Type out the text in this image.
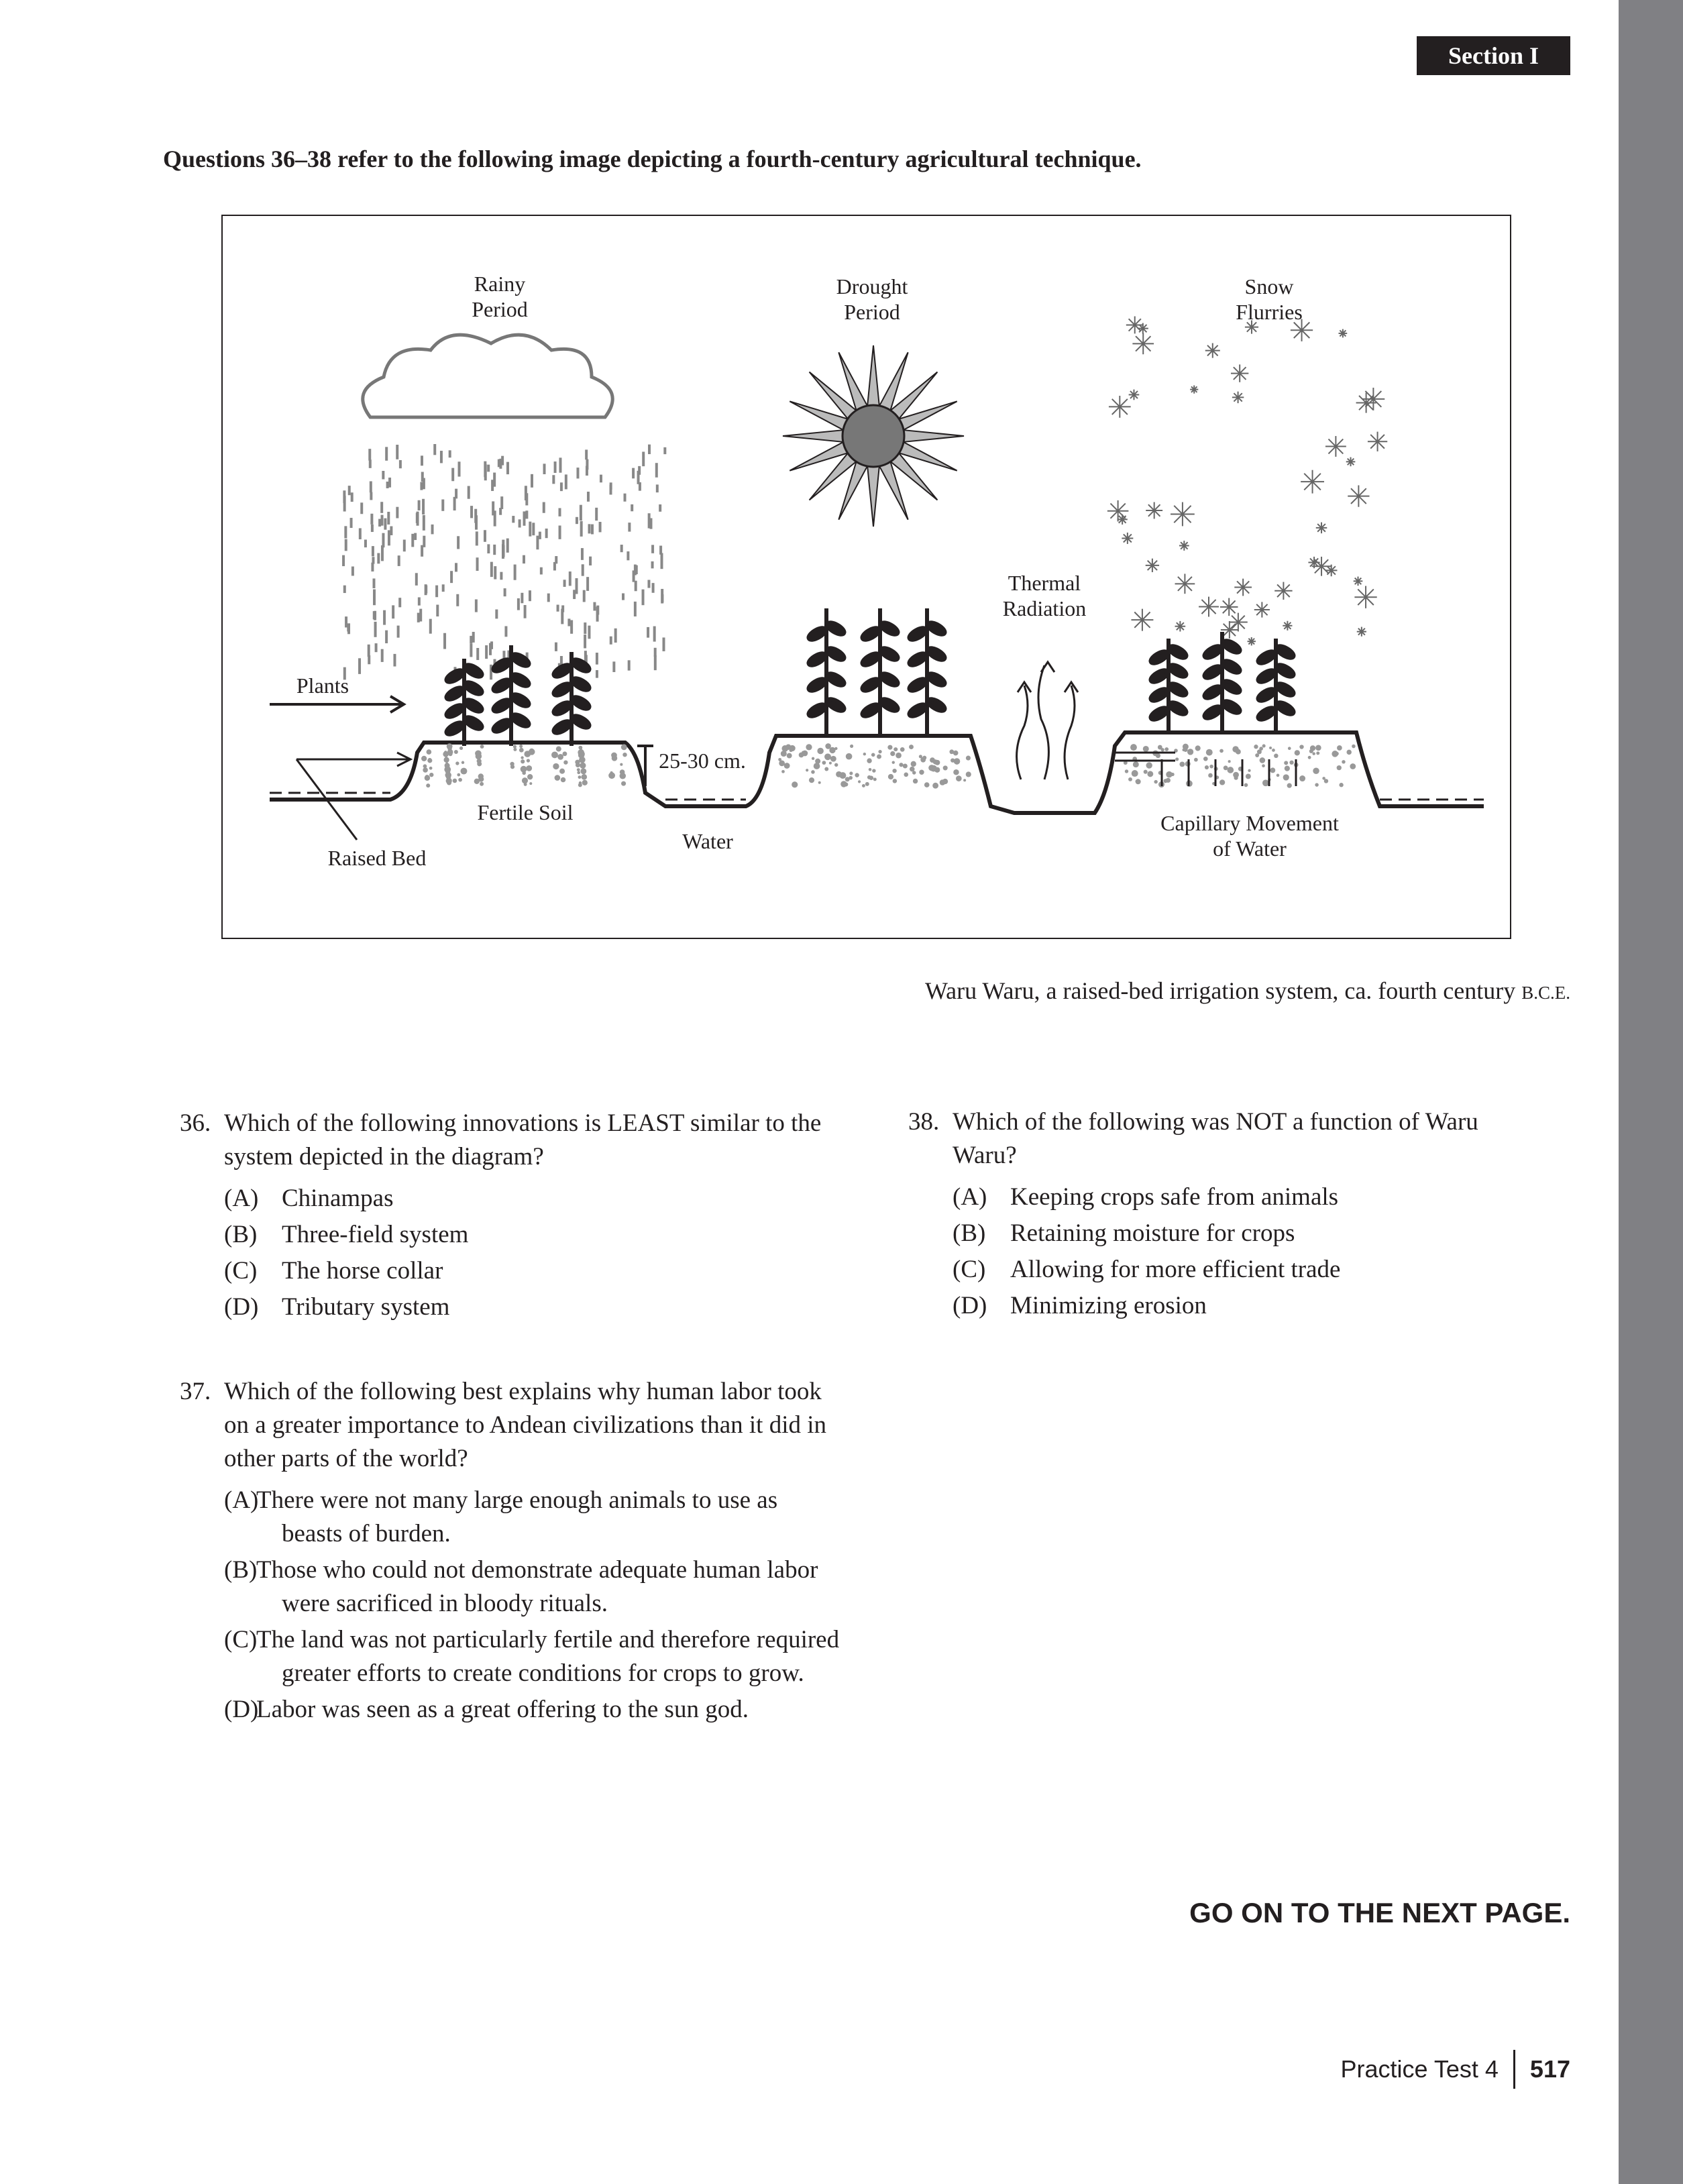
Section I
Questions 36–38 refer to the following image depicting a fourth-century agricultural technique.
Rainy
Period
Drought
Period
Snow
Flurries
Thermal
Radiation
Plants
25-30 cm.
Fertile Soil
Water
Raised Bed
Capillary Movement
of Water
Waru Waru, a raised-bed irrigation system, ca. fourth century B.C.E.
36. Which of the following innovations is LEAST similar to the system depicted in the diagram?
(A) Chinampas
(B) Three-field system
(C) The horse collar
(D) Tributary system
37. Which of the following best explains why human labor took on a greater importance to Andean civilizations than it did in other parts of the world?
(A)
There were not many large enough animals to use as beasts of burden.
(B)
Those who could not demonstrate adequate human labor were sacrificed in bloody rituals.
(C)
The land was not particularly fertile and therefore required greater efforts to create conditions for crops to grow.
(D)
Labor was seen as a great offering to the sun god.
38. Which of the following was NOT a function of Waru Waru?
(A) Keeping crops safe from animals
(B) Retaining moisture for crops
(C) Allowing for more efficient trade
(D) Minimizing erosion
GO ON TO THE NEXT PAGE.
Practice Test 4 517
